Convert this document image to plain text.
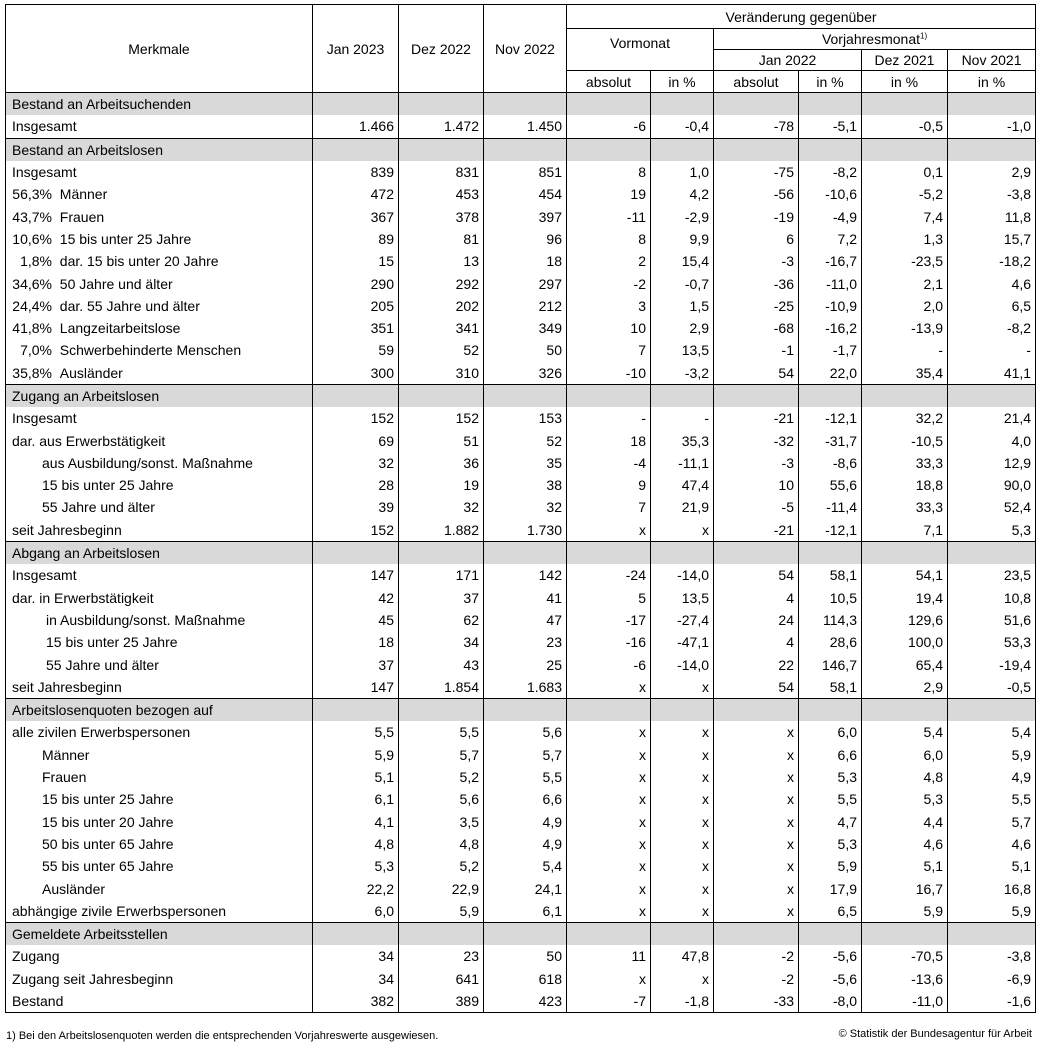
Merkmale	Jan 2023	Dez 2022	Nov 2022	Veränderung gegenüber					
				Vormonat		Vorjahresmonat$^{1)}$
						Jan 2022		Dez 2021	Nov 2021
				absolut	in %	absolut	in %	in %	in %
Bestand an Arbeitsuchenden									
Insgesamt	1.466	1.472	1.450	-6	-0,4	-78	-5,1	-0,5	-1,0
Bestand an Arbeitslosen									
Insgesamt	839	831	851	8	1,0	-75	-8,2	0,1	2,9
56,3% Männer	472	453	454	19	4,2	-56	-10,6	-5,2	-3,8
43,7% Frauen	367	378	397	-11	-2,9	-19	-4,9	7,4	11,8
10,6% 15 bis unter 25 Jahre	89	81	96	8	9,9	6	7,2	1,3	15,7
1,8% dar. 15 bis unter 20 Jahre	15	13	18	2	15,4	-3	-16,7	-23,5	-18,2
34,6% 50 Jahre und älter	290	292	297	-2	-0,7	-36	-11,0	2,1	4,6
24,4% dar. 55 Jahre und älter	205	202	212	3	1,5	-25	-10,9	2,0	6,5
41,8% Langzeitarbeitslose	351	341	349	10	2,9	-68	-16,2	-13,9	-8,2
7,0% Schwerbehinderte Menschen	59	52	50	7	13,5	-1	-1,7	-	-
35,8% Ausländer	300	310	326	-10	-3,2	54	22,0	35,4	41,1
Zugang an Arbeitslosen									
Insgesamt	152	152	153	-	-	-21	-12,1	32,2	21,4
dar. aus Erwerbstätigkeit	69	51	52	18	35,3	-32	-31,7	-10,5	4,0
aus Ausbildung/sonst. Maßnahme	32	36	35	-4	-11,1	-3	-8,6	33,3	12,9
15 bis unter 25 Jahre	28	19	38	9	47,4	10	55,6	18,8	90,0
55 Jahre und älter	39	32	32	7	21,9	-5	-11,4	33,3	52,4
seit Jahresbeginn	152	1.882	1.730	x	x	-21	-12,1	7,1	5,3
Abgang an Arbeitslosen									
Insgesamt	147	171	142	-24	-14,0	54	58,1	54,1	23,5
dar. in Erwerbstätigkeit	42	37	41	5	13,5	4	10,5	19,4	10,8
in Ausbildung/sonst. Maßnahme	45	62	47	-17	-27,4	24	114,3	129,6	51,6
15 bis unter 25 Jahre	18	34	23	-16	-47,1	4	28,6	100,0	53,3
55 Jahre und älter	37	43	25	-6	-14,0	22	146,7	65,4	-19,4
seit Jahresbeginn	147	1.854	1.683	x	x	54	58,1	2,9	-0,5
Arbeitslosenquoten bezogen auf									
alle zivilen Erwerbspersonen	5,5	5,5	5,6	x	x	x	6,0	5,4	5,4
Männer	5,9	5,7	5,7	x	x	x	6,6	6,0	5,9
Frauen	5,1	5,2	5,5	x	x	x	5,3	4,8	4,9
15 bis unter 25 Jahre	6,1	5,6	6,6	x	x	x	5,5	5,3	5,5
15 bis unter 20 Jahre	4,1	3,5	4,9	x	x	x	4,7	4,4	5,7
50 bis unter 65 Jahre	4,8	4,8	4,9	x	x	x	5,3	4,6	4,6
55 bis unter 65 Jahre	5,3	5,2	5,4	x	x	x	5,9	5,1	5,1
Ausländer	22,2	22,9	24,1	x	x	x	17,9	16,7	16,8
abhängige zivile Erwerbspersonen	6,0	5,9	6,1	x	x	x	6,5	5,9	5,9
Gemeldete Arbeitsstellen									
Zugang	34	23	50	11	47,8	-2	-5,6	-70,5	-3,8
Zugang seit Jahresbeginn	34	641	618	x	x	-2	-5,6	-13,6	-6,9
Bestand	382	389	423	-7	-1,8	-33	-8,0	-11,0	-1,6
1) Bei den Arbeitslosenquoten werden die entsprechenden Vorjahreswerte ausgewiesen.	© Statistik der Bundesagentur für Arbeit
